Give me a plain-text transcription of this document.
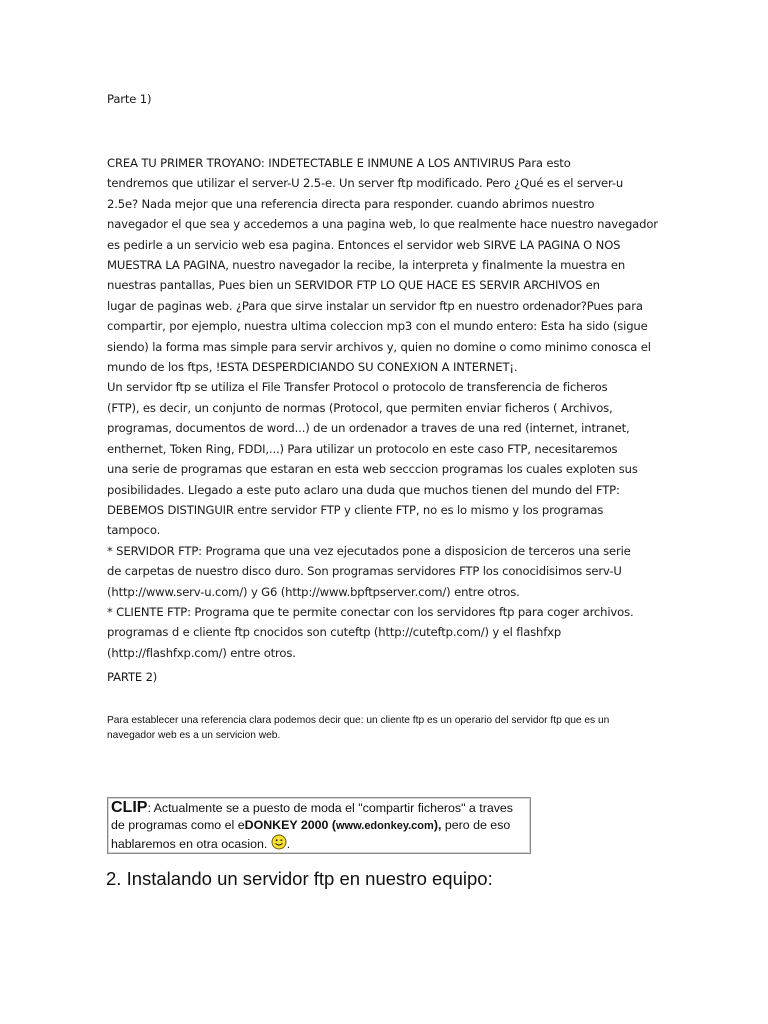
Parte 1)

CREA TU PRIMER TROYANO: INDETECTABLE E INMUNE A LOS ANTIVIRUS Para esto

tendremos que utilizar el server-U 2.5-e. Un server ftp modificado. Pero ¿Qué es el server-u

2.5e? Nada mejor que una referencia directa para responder. cuando abrimos nuestro

navegador el que sea y accedemos a una pagina web, lo que realmente hace nuestro navegador

es pedirle a un servicio web esa pagina. Entonces el servidor web SIRVE LA PAGINA O NOS

MUESTRA LA PAGINA, nuestro navegador la recibe, la interpreta y finalmente la muestra en

nuestras pantallas, Pues bien un SERVIDOR FTP LO QUE HACE ES SERVIR ARCHIVOS en

lugar de paginas web. ¿Para que sirve instalar un servidor ftp en nuestro ordenador?Pues para

compartir, por ejemplo, nuestra ultima coleccion mp3 con el mundo entero: Esta ha sido (sigue

siendo) la forma mas simple para servir archivos y, quien no domine o como minimo conosca el

mundo de los ftps, !ESTA DESPERDICIANDO SU CONEXION A INTERNET¡.

Un servidor ftp se utiliza el File Transfer Protocol o protocolo de transferencia de ficheros

(FTP), es decir, un conjunto de normas (Protocol, que permiten enviar ficheros ( Archivos,

programas, documentos de word...) de un ordenador a traves de una red (internet, intranet,

enthernet, Token Ring, FDDI,...) Para utilizar un protocolo en este caso FTP, necesitaremos

una serie de programas que estaran en esta web secccion programas los cuales exploten sus

posibilidades. Llegado a este puto aclaro una duda que muchos tienen del mundo del FTP:

DEBEMOS DISTINGUIR entre servidor FTP y cliente FTP, no es lo mismo y los programas

tampoco.

* SERVIDOR FTP: Programa que una vez ejecutados pone a disposicion de terceros una serie

de carpetas de nuestro disco duro. Son programas servidores FTP los conocidisimos serv-U

(http://www.serv-u.com/) y G6 (http://www.bpftpserver.com/) entre otros.

* CLIENTE FTP: Programa que te permite conectar con los servidores ftp para coger archivos.

programas d e cliente ftp cnocidos son cuteftp (http://cuteftp.com/) y el flashfxp

(http://flashfxp.com/) entre otros.

PARTE 2)
Para establecer una referencia clara podemos decir que: un cliente ftp es un operario del servidor ftp que es un
navegador web es a un servicion web.
CLIP: Actualmente se a puesto de moda el "compartir ficheros" a traves
de programas como el eDONKEY 2000 (www.edonkey.com), pero de eso
hablaremos en otra ocasion. .
2. Instalando un servidor ftp en nuestro equipo:
